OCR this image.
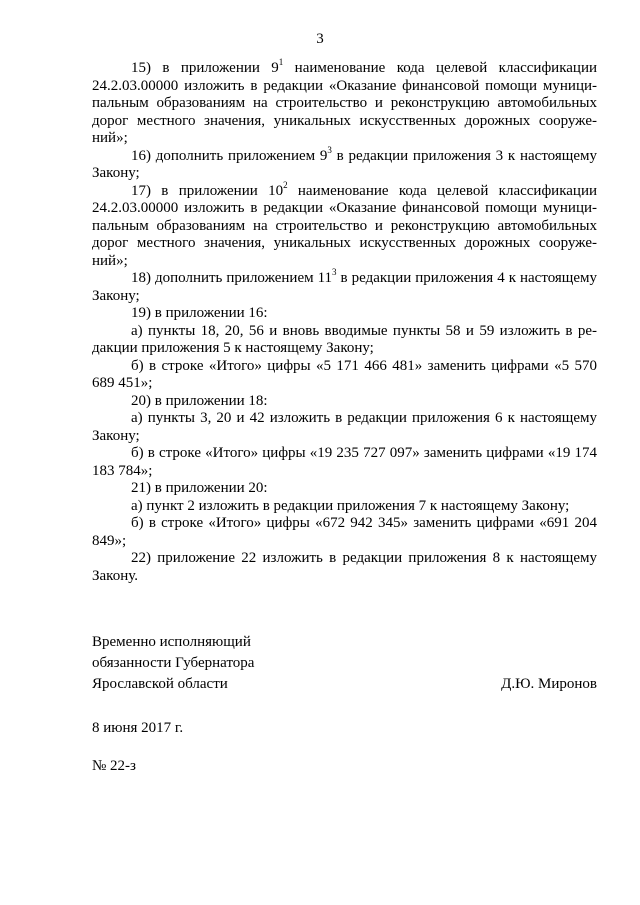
3

15) в приложении $9^1$ наименование кода целевой классификации 24.2.03.00000 изложить в редакции «Оказание финансовой помощи муниципальным образованиям на строительство и реконструкцию автомобильных дорог местного значения, уникальных искусственных дорожных сооружений»;

16) дополнить приложением $9^3$ в редакции приложения 3 к настоящему Закону;

17) в приложении $10^2$ наименование кода целевой классификации 24.2.03.00000 изложить в редакции «Оказание финансовой помощи муниципальным образованиям на строительство и реконструкцию автомобильных дорог местного значения, уникальных искусственных дорожных сооружений»;

18) дополнить приложением $11^3$ в редакции приложения 4 к настоящему Закону;

19) в приложении 16:

а) пункты 18, 20, 56 и вновь вводимые пункты 58 и 59 изложить в редакции приложения 5 к настоящему Закону;

б) в строке «Итого» цифры «5 171 466 481» заменить цифрами «5 570 689 451»;

20) в приложении 18:

а) пункты 3, 20 и 42 изложить в редакции приложения 6 к настоящему Закону;

б) в строке «Итого» цифры «19 235 727 097» заменить цифрами «19 174 183 784»;

21) в приложении 20:

а) пункт 2 изложить в редакции приложения 7 к настоящему Закону;

б) в строке «Итого» цифры «672 942 345» заменить цифрами «691 204 849»;

22) приложение 22 изложить в редакции приложения 8 к настоящему Закону.

Временно исполняющий
обязанности Губернатора
Ярославской области	Д.Ю. Миронов
8 июня 2017 г.
№ 22-з
